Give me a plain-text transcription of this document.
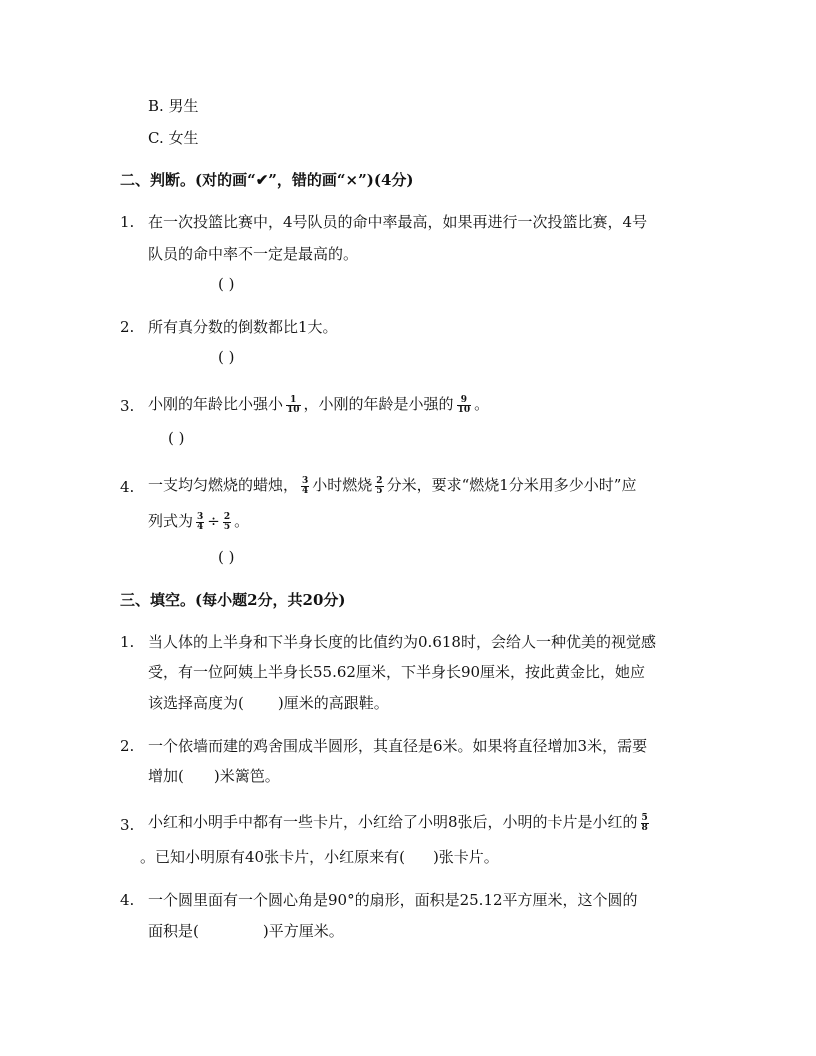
B. 男生
C. 女生
二、判断。(对的画“✔”，错的画“×”)(4分)
1. 在一次投篮比赛中，4号队员的命中率最高，如果再进行一次投篮比赛，4号
队员的命中率不一定是最高的。
( )
2. 所有真分数的倒数都比1大。
( )
3. 小刚的年龄比小强小 $\frac{1}{10}$ ，小刚的年龄是小强的 $\frac{9}{10}$ 。
( )
4. 一支均匀燃烧的蜡烛， $\frac{3}{4}$ 小时燃烧 $\frac{2}{5}$ 分米，要求“燃烧1分米用多少小时”应
列式为 $\frac{3}{4} \div \frac{2}{5}$ 。
( )
三、填空。(每小题2分，共20分)
1. 当人体的上半身和下半身长度的比值约为0.618时，会给人一种优美的视觉感
受，有一位阿姨上半身长55.62厘米，下半身长90厘米，按此黄金比，她应
该选择高度为( )厘米的高跟鞋。
2. 一个依墙而建的鸡舍围成半圆形，其直径是6米。如果将直径增加3米，需要
增加( )米篱笆。
3. 小红和小明手中都有一些卡片，小红给了小明8张后，小明的卡片是小红的 $\frac{5}{8}$
。已知小明原有40张卡片，小红原来有( )张卡片。
4. 一个圆里面有一个圆心角是90°的扇形，面积是25.12平方厘米，这个圆的
面积是(	)平方厘米。
